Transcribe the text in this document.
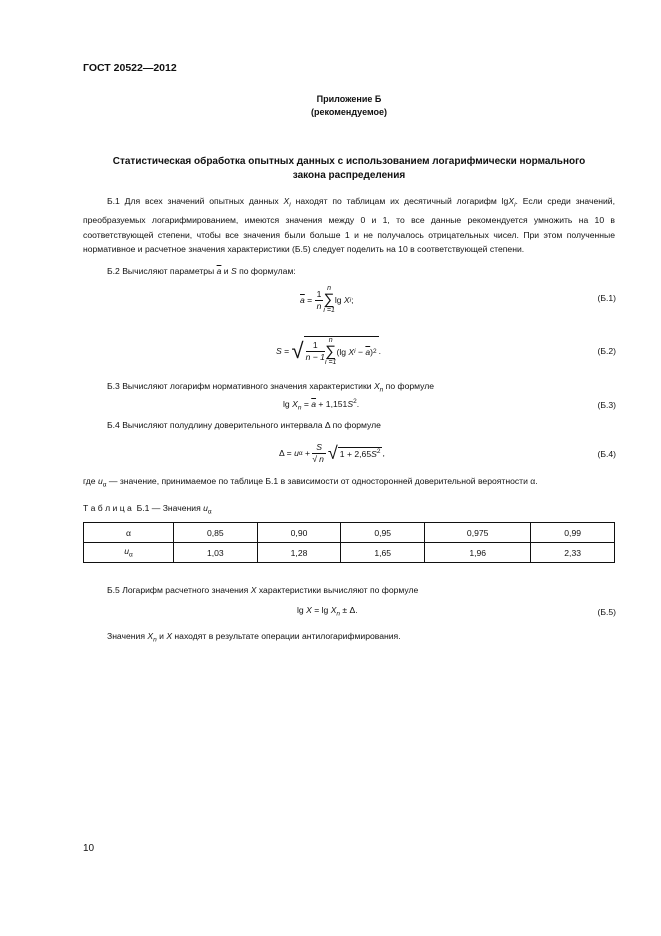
ГОСТ 20522—2012
Приложение Б
(рекомендуемое)
Статистическая обработка опытных данных с использованием логарифмически нормального
закона распределения
Б.1 Для всех значений опытных данных $X_i$ находят по таблицам их десятичный логарифм lgX$_i$. Если среди значений, преобразуемых логарифмированием, имеются значения между 0 и 1, то все данные рекомендуется умножить на 10 в соответствующей степени, чтобы все значения были больше 1 и не получалось отрицательных чисел. При этом полученные нормативное и расчетное значения характеристики (Б.5) следует поделить на 10 в соответствующей степени.
Б.2 Вычисляют параметры $\overline{a}$ и S по формулам:
$\overline{a} = \frac{1}{n}$ n
∑
i =1
lg X i ;	(Б.1)
S = √ $\frac{1}{n - 1}$ n
∑
i =1
(lg X $i - \overline{a}$ ) 2 .	(Б.2)
Б.3 Вычисляют логарифм нормативного значения характеристики $X_n$ по формуле
$\lg X_n = \overline{a} + 1,151S^2$.	(Б.3)
Б.4 Вычисляют полудлину доверительного интервала Δ по формуле
Δ = u $\alpha + \frac{S}{√ n}$ √ $1 + 2,65S^2$ ,	(Б.4)
где $u_\alpha$ — значение, принимаемое по таблице Б.1 в зависимости от односторонней доверительной вероятности α.
Т а б л и ц а  Б.1 — Значения $u_\alpha$
α	0,85	0,90	0,95	0,975	0,99
$u_\alpha$	1,03	1,28	1,65	1,96	2,33
Б.5 Логарифм расчетного значения X характеристики вычисляют по формуле
$\lg X = \lg X_n \pm \Delta$.	(Б.5)
Значения $X_n$ и X находят в результате операции антилогарифмирования.
10
